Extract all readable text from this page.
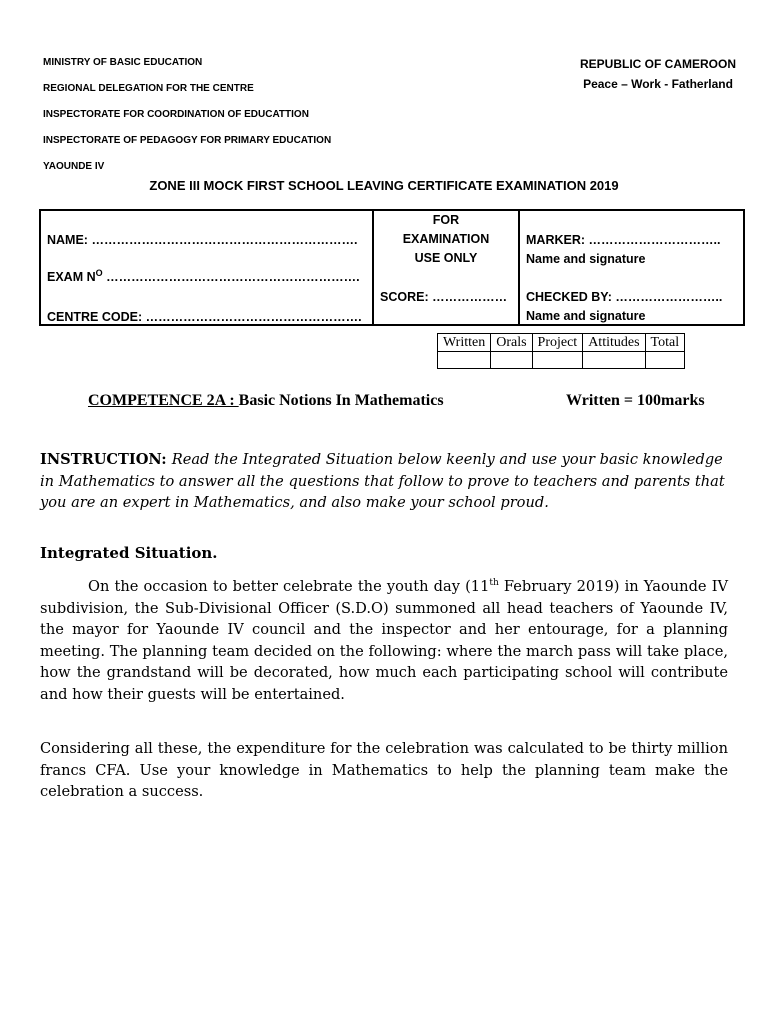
MINISTRY OF BASIC EDUCATION
REGIONAL DELEGATION FOR THE CENTRE
INSPECTORATE FOR COORDINATION OF EDUCATTION
INSPECTORATE OF PEDAGOGY FOR PRIMARY EDUCATION
YAOUNDE IV
REPUBLIC OF CAMEROON
Peace – Work - Fatherland
ZONE III MOCK FIRST SCHOOL LEAVING CERTIFICATE EXAMINATION 2019
NAME: ……………………………………………………….
EXAM $N^O$ …………………………………………………….
CENTRE CODE: …………………………………………….
FOR
EXAMINATION
USE ONLY
SCORE: ………………
MARKER: …………………………..
Name and signature
CHECKED BY: ……………………..
Name and signature
Written	Orals	Project	Attitudes	Total

COMPETENCE 2A : Basic Notions In Mathematics	Written = 100marks
INSTRUCTION: Read the Integrated Situation below keenly and use your basic knowledge in Mathematics to answer all the questions that follow to prove to teachers and parents that you are an expert in Mathematics, and also make your school proud.
Integrated Situation.

On the occasion to better celebrate the youth day (11th February 2019) in Yaounde IV subdivision, the Sub-Divisional Officer (S.D.O) summoned all head teachers of Yaounde IV, the mayor for Yaounde IV council and the inspector and her entourage, for a planning meeting. The planning team decided on the following: where the march pass will take place, how the grandstand will be decorated, how much each participating school will contribute and how their guests will be entertained.

Considering all these, the expenditure for the celebration was calculated to be thirty million francs CFA. Use your knowledge in Mathematics to help the planning team make the celebration a success.
